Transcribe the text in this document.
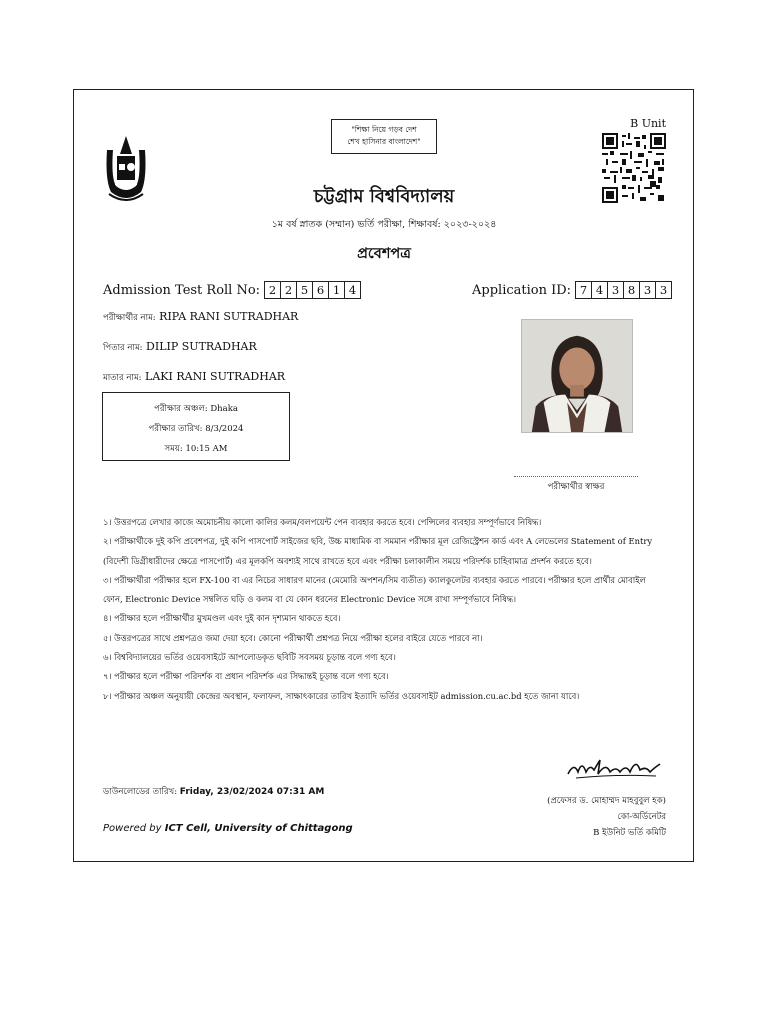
"শিক্ষা নিয়ে গড়ব দেশ
শেখ হাসিনার বাংলাদেশ"
B Unit
চট্টগ্রাম বিশ্ববিদ্যালয়
১ম বর্ষ স্নাতক (সম্মান) ভর্তি পরীক্ষা, শিক্ষাবর্ষ: ২০২৩-২০২৪
প্রবেশপত্র
Admission Test Roll No: 2 2 5 6 1 4	Application ID: 7 4 3 8 3 3
পরীক্ষার্থীর নাম: RIPA RANI SUTRADHAR
পিতার নাম: DILIP SUTRADHAR
মাতার নাম: LAKI RANI SUTRADHAR
পরীক্ষার অঞ্চল: Dhaka
পরীক্ষার তারিখ: 8/3/2024
সময়: 10:15 AM
পরীক্ষার্থীর স্বাক্ষর

১। উত্তরপত্রে লেখার কাজে অমোচনীয় কালো কালির কলম/বলপয়েন্ট পেন ব্যবহার করতে হবে। পেন্সিলের ব্যবহার সম্পূর্ণভাবে নিষিদ্ধ।

২। পরীক্ষার্থীকে দুই কপি প্রবেশপত্র, দুই কপি পাসপোর্ট সাইজের ছবি, উচ্চ মাধ্যমিক বা সমমান পরীক্ষার মূল রেজিস্ট্রেশন কার্ড এবং A লেভেলের Statement of Entry (বিদেশী ডিগ্রীধারীদের ক্ষেত্রে পাসপোর্ট) এর মূলকপি অবশ্যই সাথে রাখতে হবে এবং পরীক্ষা চলাকালীন সময়ে পরিদর্শক চাহিবামাত্র প্রদর্শন করতে হবে।

৩। পরীক্ষার্থীরা পরীক্ষার হলে FX-100 বা এর নিচের সাধারণ মানের (মেমোরি অপশন/সিম ব্যতীত) ক্যালকুলেটর ব্যবহার করতে পারবে। পরীক্ষার হলে প্রার্থীর মোবাইল ফোন, Electronic Device সম্বলিত ঘড়ি ও কলম বা যে কোন ধরনের Electronic Device সঙ্গে রাখা সম্পূর্ণভাবে নিষিদ্ধ।

৪। পরীক্ষার হলে পরীক্ষার্থীর মুখমণ্ডল এবং দুই কান দৃশ্যমান থাকতে হবে।

৫। উত্তরপত্রের সাথে প্রশ্নপত্রও জমা দেয়া হবে। কোনো পরীক্ষার্থী প্রশ্নপত্র নিয়ে পরীক্ষা হলের বাইরে যেতে পারবে না।

৬। বিশ্ববিদ্যালয়ের ভর্তির ওয়েবসাইটে আপলোডকৃত ছবিটি সবসময় চূড়ান্ত বলে গণ্য হবে।

৭। পরীক্ষার হলে পরীক্ষা পরিদর্শক বা প্রধান পরিদর্শক এর সিদ্ধান্তই চূড়ান্ত বলে গণ্য হবে।

৮। পরীক্ষার অঞ্চল অনুযায়ী কেন্দ্রের অবস্থান, ফলাফল, সাক্ষাৎকারের তারিখ ইত্যাদি ভর্তির ওয়েবসাইট admission.cu.ac.bd হতে জানা যাবে।

ডাউনলোডের তারিখ: Friday, 23/02/2024 07:31 AM
Powered by ICT Cell, University of Chittagong
(প্রফেসর ড. মোহাম্মদ মাহবুবুল হক)
কো-অর্ডিনেটর
B ইউনিট ভর্তি কমিটি
